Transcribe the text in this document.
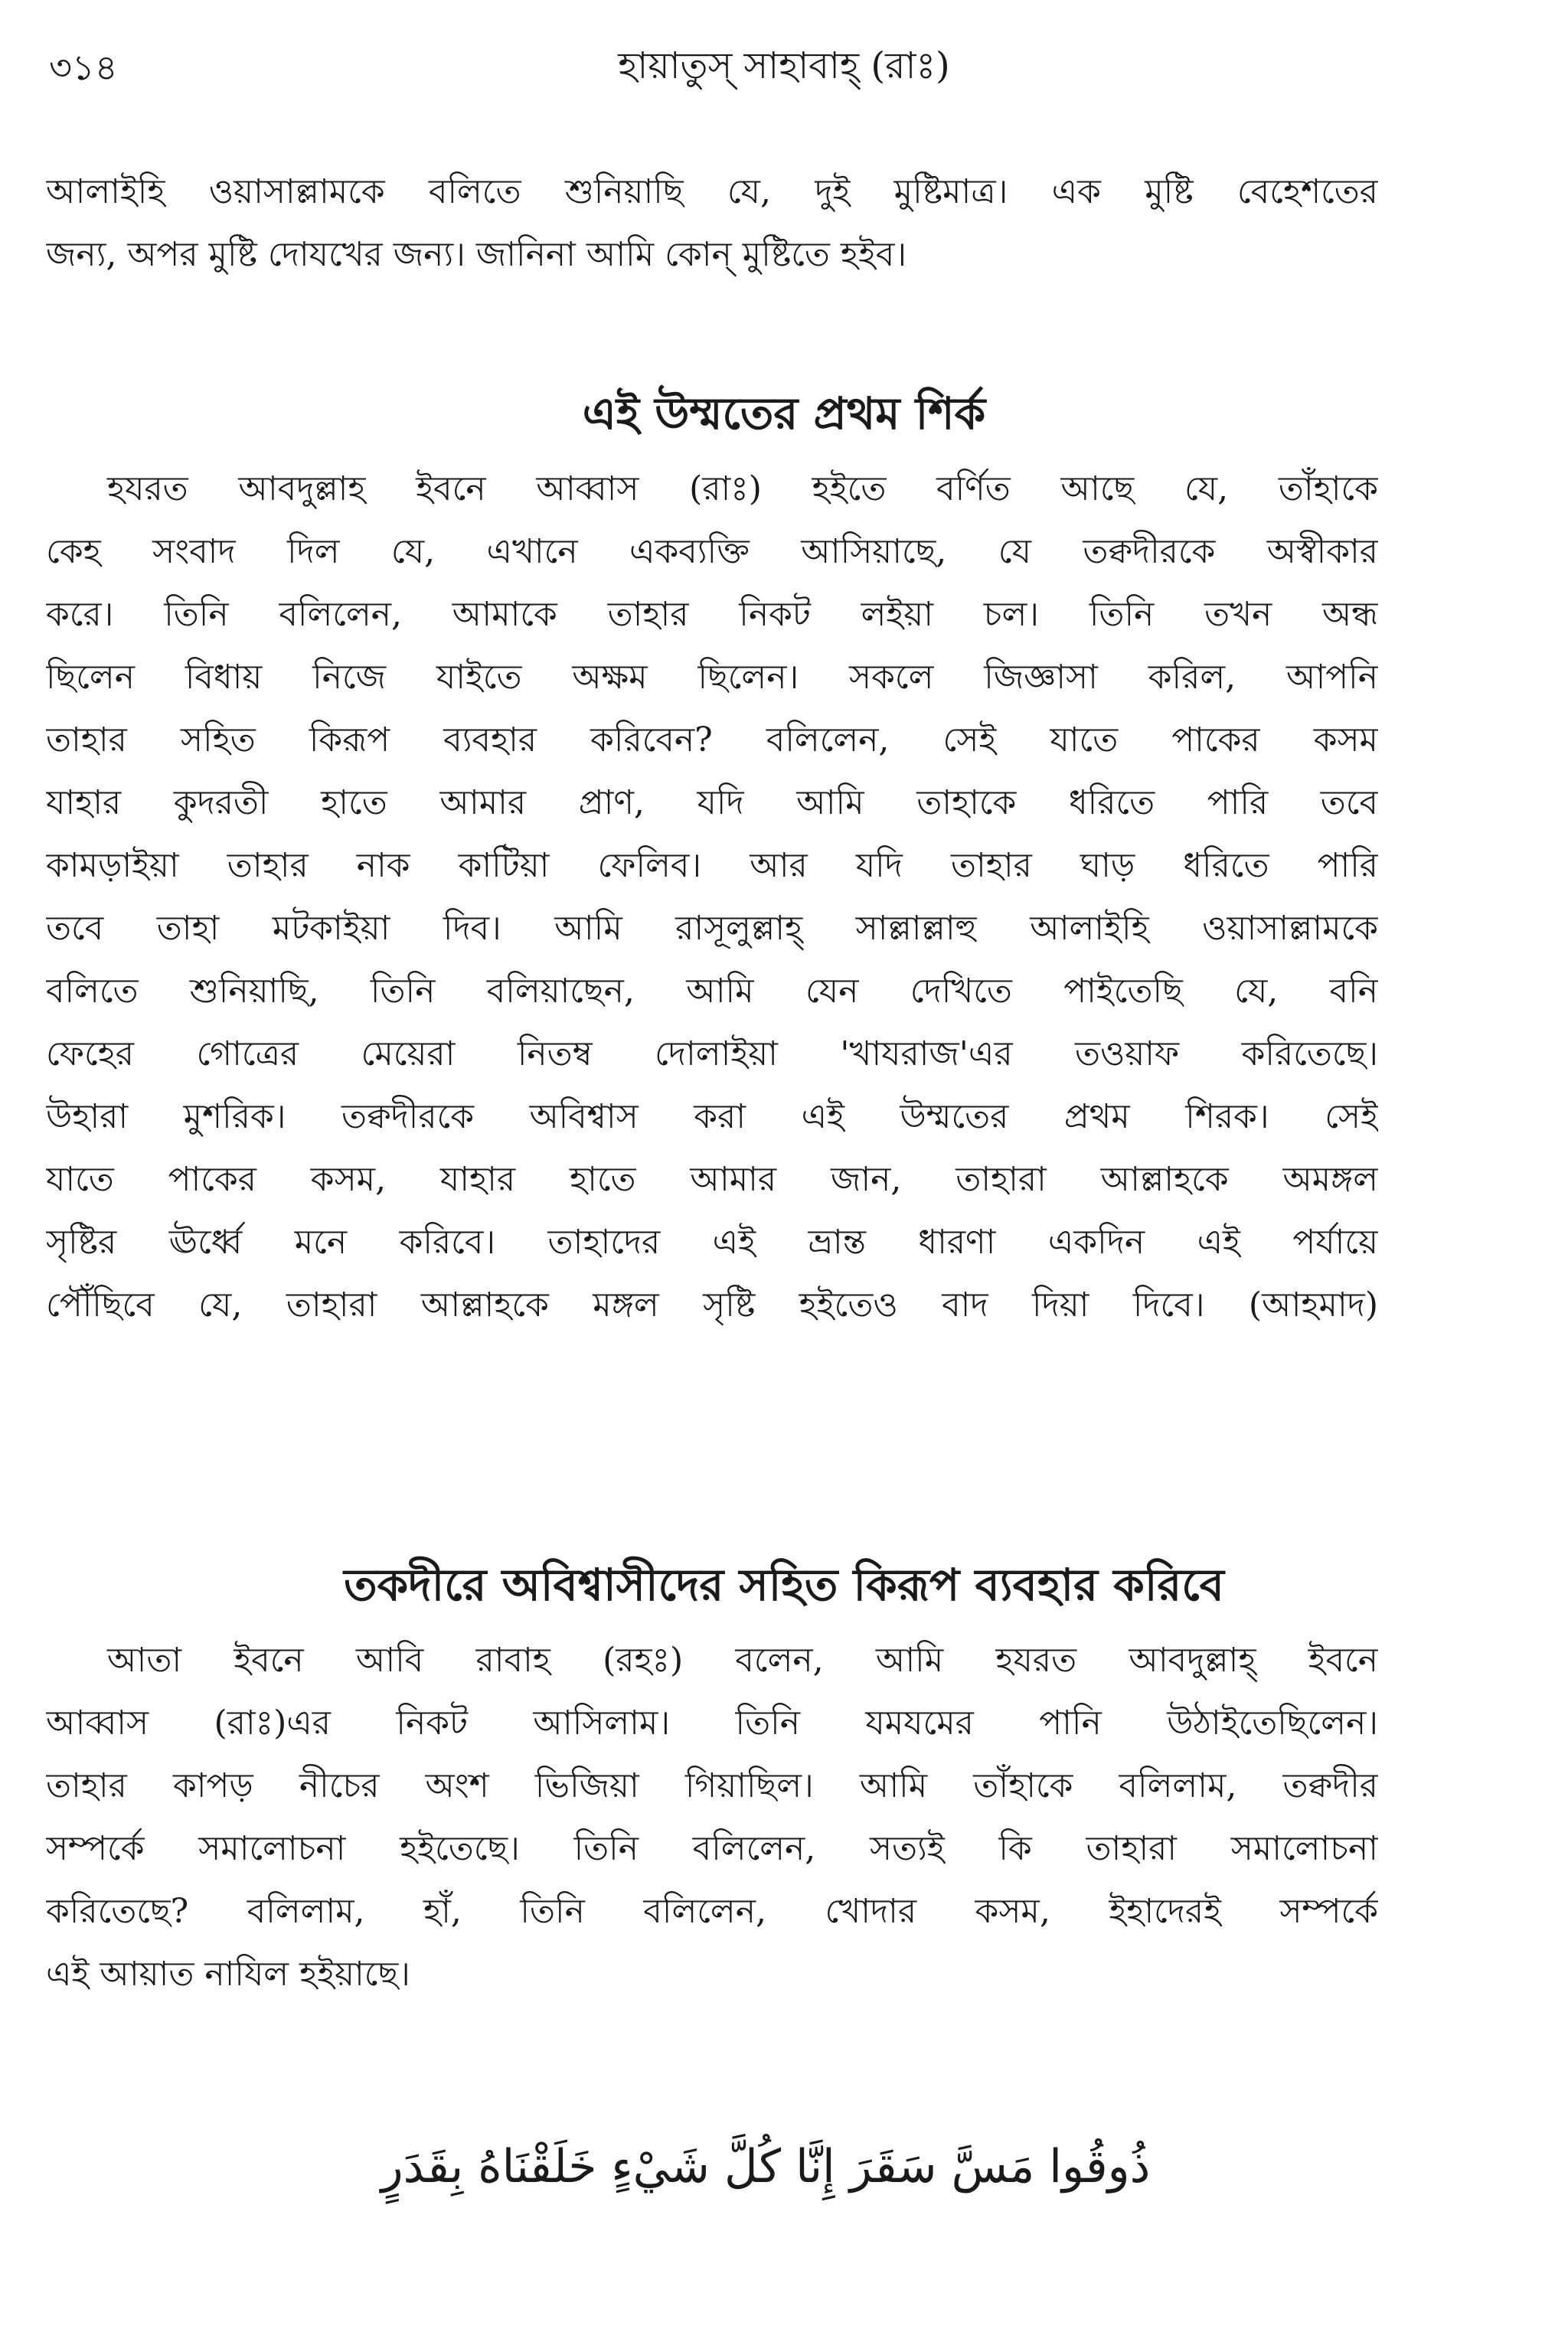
৩১৪	হায়াতুস্ সাহাবাহ্ (রাঃ)
আলাইহি ওয়াসাল্লামকে বলিতে শুনিয়াছি যে, দুই মুষ্টিমাত্র। এক মুষ্টি বেহেশতের
জন্য, অপর মুষ্টি দোযখের জন্য। জানিনা আমি কোন্ মুষ্টিতে হইব।
এই উম্মতের প্রথম শির্ক
হযরত আবদুল্লাহ ইবনে আব্বাস (রাঃ) হইতে বর্ণিত আছে যে, তাঁহাকে
কেহ সংবাদ দিল যে, এখানে একব্যক্তি আসিয়াছে, যে তক্বদীরকে অস্বীকার
করে। তিনি বলিলেন, আমাকে তাহার নিকট লইয়া চল। তিনি তখন অন্ধ
ছিলেন বিধায় নিজে যাইতে অক্ষম ছিলেন। সকলে জিজ্ঞাসা করিল, আপনি
তাহার সহিত কিরূপ ব্যবহার করিবেন? বলিলেন, সেই যাতে পাকের কসম
যাহার কুদরতী হাতে আমার প্রাণ, যদি আমি তাহাকে ধরিতে পারি তবে
কামড়াইয়া তাহার নাক কাটিয়া ফেলিব। আর যদি তাহার ঘাড় ধরিতে পারি
তবে তাহা মটকাইয়া দিব। আমি রাসূলুল্লাহ্ সাল্লাল্লাহু আলাইহি ওয়াসাল্লামকে
বলিতে শুনিয়াছি, তিনি বলিয়াছেন, আমি যেন দেখিতে পাইতেছি যে, বনি
ফেহের গোত্রের মেয়েরা নিতম্ব দোলাইয়া 'খাযরাজ'এর তওয়াফ করিতেছে।
উহারা মুশরিক। তক্বদীরকে অবিশ্বাস করা এই উম্মতের প্রথম শিরক। সেই
যাতে পাকের কসম, যাহার হাতে আমার জান, তাহারা আল্লাহকে অমঙ্গল
সৃষ্টির ঊর্ধ্বে মনে করিবে। তাহাদের এই ভ্রান্ত ধারণা একদিন এই পর্যায়ে
পৌঁছিবে যে, তাহারা আল্লাহকে মঙ্গল সৃষ্টি হইতেও বাদ দিয়া দিবে। (আহমাদ)
তকদীরে অবিশ্বাসীদের সহিত কিরূপ ব্যবহার করিবে
আতা ইবনে আবি রাবাহ (রহঃ) বলেন, আমি হযরত আবদুল্লাহ্ ইবনে
আব্বাস (রাঃ)এর নিকট আসিলাম। তিনি যমযমের পানি উঠাইতেছিলেন।
তাহার কাপড় নীচের অংশ ভিজিয়া গিয়াছিল। আমি তাঁহাকে বলিলাম, তক্বদীর
সম্পর্কে সমালোচনা হইতেছে। তিনি বলিলেন, সত্যই কি তাহারা সমালোচনা
করিতেছে? বলিলাম, হাঁ, তিনি বলিলেন, খোদার কসম, ইহাদেরই সম্পর্কে
এই আয়াত নাযিল হইয়াছে।
ذُوقُوا مَسَّ سَقَرَ إِنَّا كُلَّ شَيْءٍ خَلَقْنَاهُ بِقَدَرٍ
